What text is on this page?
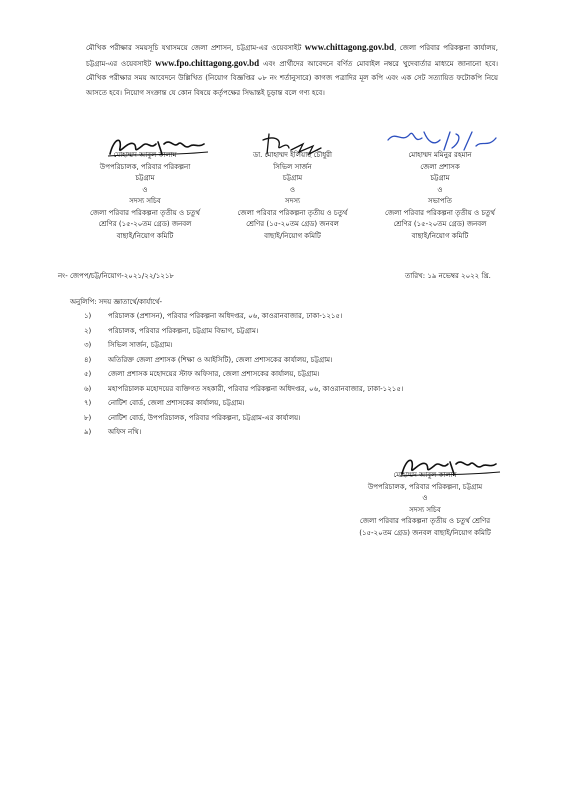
মৌখিক পরীক্ষার সময়সূচি যথাসময়ে জেলা প্রশাসন, চট্টগ্রাম-এর ওয়েবসাইট www.chittagong.gov.bd, জেলা পরিবার পরিকল্পনা কার্যালয়, চট্টগ্রাম-এর ওয়েবসাইট www.fpo.chittagong.gov.bd এবং প্রার্থীদের আবেদনে বর্ণিত মোবাইল নম্বরে খুদেবার্তার মাধ্যমে জানানো হবে। মৌখিক পরীক্ষার সময় আবেদনে উল্লিখিত (নিয়োগ বিজ্ঞপ্তির ০৮ নং শর্তানুসারে) কাগজ পত্রাদির মূল কপি এবং এক সেট সত্যায়িত ফটোকপি নিয়ে আসতে হবে। নিয়োগ সংক্রান্ত যে কোন বিষয়ে কর্তৃপক্ষের সিদ্ধান্তই চূড়ান্ত বলে গণ্য হবে।
মোহাম্মদ আবুল কালাম
উপপরিচালক, পরিবার পরিকল্পনা
চট্টগ্রাম
ও
সদস্য সচিব
জেলা পরিবার পরিকল্পনা তৃতীয় ও চতুর্থ
শ্রেণির (১৫-২০তম গ্রেড) জনবল
বাছাই/নিয়োগ কমিটি
ডা. মোহাম্মদ ইলিয়াছ চৌধুরী
সিভিল সার্জন
চট্টগ্রাম
ও
সদস্য
জেলা পরিবার পরিকল্পনা তৃতীয় ও চতুর্থ
শ্রেণির (১৫-২০তম গ্রেড) জনবল
বাছাই/নিয়োগ কমিটি
মোহাম্মদ মমিনুর রহমান
জেলা প্রশাসক
চট্টগ্রাম
ও
সভাপতি
জেলা পরিবার পরিকল্পনা তৃতীয় ও চতুর্থ
শ্রেণির (১৫-২০তম গ্রেড) জনবল
বাছাই/নিয়োগ কমিটি
নং- জেপপ/চট্ট/নিয়োগ-২০২১/২২/১২১৮	তারিখ: ১৯ নভেম্বর ২০২২ খ্রি.
অনুলিপি: সদয় জ্ঞাতার্থে/কার্যার্থে-
১) পরিচালক (প্রশাসন), পরিবার পরিকল্পনা অধিদপ্তর, ০৬, কাওরানবাজার, ঢাকা-১২১৫।
২) পরিচালক, পরিবার পরিকল্পনা, চট্টগ্রাম বিভাগ, চট্টগ্রাম।
৩) সিভিল সার্জন, চট্টগ্রাম।
৪) অতিরিক্ত জেলা প্রশাসক (শিক্ষা ও আইসিটি), জেলা প্রশাসকের কার্যালয়, চট্টগ্রাম।
৫) জেলা প্রশাসক মহোদয়ের স্টাফ অফিসার, জেলা প্রশাসকের কার্যালয়, চট্টগ্রাম।
৬) মহাপরিচালক মহোদয়ের ব্যক্তিগত সহকারী, পরিবার পরিকল্পনা অধিদপ্তর, ০৬, কাওরানবাজার, ঢাকা-১২১৫।
৭) নোটিশ বোর্ড, জেলা প্রশাসকের কার্যালয়, চট্টগ্রাম।
৮) নোটিশ বোর্ড, উপপরিচালক, পরিবার পরিকল্পনা, চট্টগ্রাম-এর কার্যালয়।
৯) অফিস নথি।
মোহাম্মদ আবুল কালাম
উপপরিচালক, পরিবার পরিকল্পনা, চট্টগ্রাম
ও
সদস্য সচিব
জেলা পরিবার পরিকল্পনা তৃতীয় ও চতুর্থ শ্রেণির
(১৫-২০তম গ্রেড) জনবল বাছাই/নিয়োগ কমিটি
